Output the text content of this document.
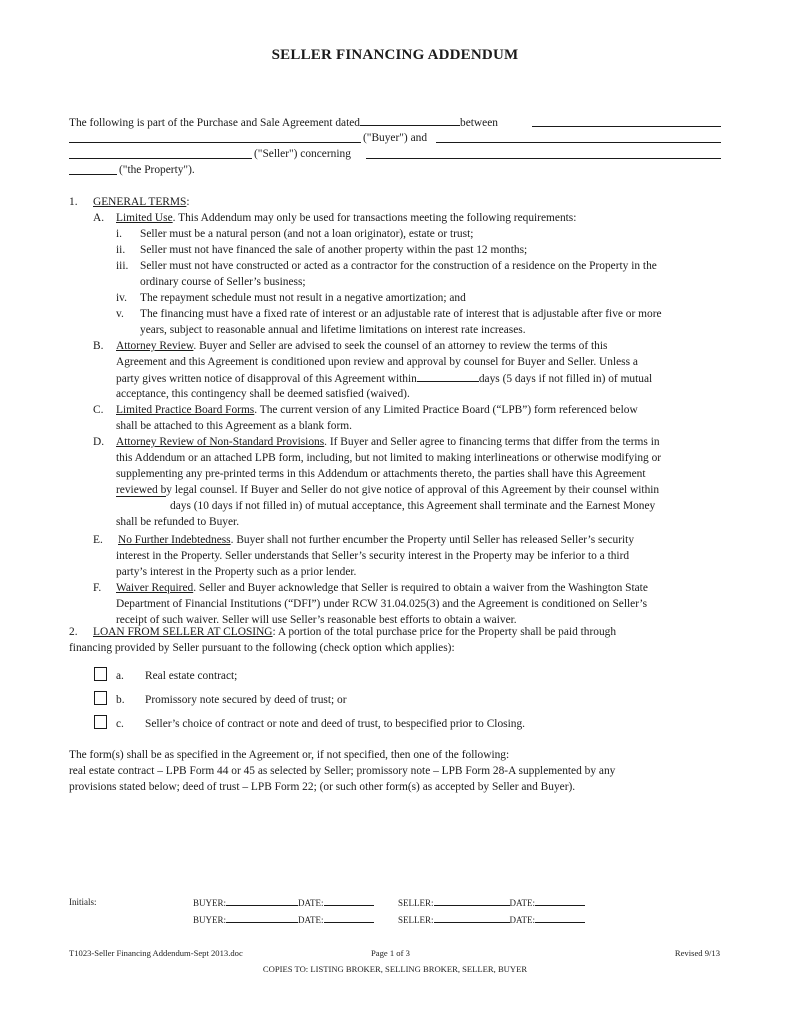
SELLER FINANCING ADDENDUM
The following is part of the Purchase and Sale Agreement dated	between
("Buyer") and
("Seller") concerning
("the Property").
1. GENERAL TERMS:
A. Limited Use. This Addendum may only be used for transactions meeting the following requirements:
i. Seller must be a natural person (and not a loan originator), estate or trust;
ii. Seller must not have financed the sale of another property within the past 12 months;
iii. Seller must not have constructed or acted as a contractor for the construction of a residence on the Property in the
ordinary course of Seller’s business;
iv. The repayment schedule must not result in a negative amortization; and
v. The financing must have a fixed rate of interest or an adjustable rate of interest that is adjustable after five or more
years, subject to reasonable annual and lifetime limitations on interest rate increases.
B. Attorney Review. Buyer and Seller are advised to seek the counsel of an attorney to review the terms of this
Agreement and this Agreement is conditioned upon review and approval by counsel for Buyer and Seller. Unless a
party gives written notice of disapproval of this Agreement within	days (5 days if not filled in) of mutual
acceptance, this contingency shall be deemed satisfied (waived).
C. Limited Practice Board Forms. The current version of any Limited Practice Board (“LPB”) form referenced below
shall be attached to this Agreement as a blank form.
D. Attorney Review of Non-Standard Provisions. If Buyer and Seller agree to financing terms that differ from the terms in
this Addendum or an attached LPB form, including, but not limited to making interlineations or otherwise modifying or
supplementing any pre-printed terms in this Addendum or attachments thereto, the parties shall have this Agreement
reviewed by legal counsel. If Buyer and Seller do not give notice of approval of this Agreement by their counsel within
days (10 days if not filled in) of mutual acceptance, this Agreement shall terminate and the Earnest Money
shall be refunded to Buyer.
E. No Further Indebtedness. Buyer shall not further encumber the Property until Seller has released Seller’s security
interest in the Property. Seller understands that Seller’s security interest in the Property may be inferior to a third
party’s interest in the Property such as a prior lender.
F. Waiver Required. Seller and Buyer acknowledge that Seller is required to obtain a waiver from the Washington State
Department of Financial Institutions (“DFI”) under RCW 31.04.025(3) and the Agreement is conditioned on Seller’s
receipt of such waiver. Seller will use Seller’s reasonable best efforts to obtain a waiver.
2. LOAN FROM SELLER AT CLOSING: A portion of the total purchase price for the Property shall be paid through
financing provided by Seller pursuant to the following (check option which applies):
a. Real estate contract;
b. Promissory note secured by deed of trust; or
c. Seller’s choice of contract or note and deed of trust, to bespecified prior to Closing.
The form(s) shall be as specified in the Agreement or, if not specified, then one of the following:
real estate contract – LPB Form 44 or 45 as selected by Seller; promissory note – LPB Form 28-A supplemented by any
provisions stated below; deed of trust – LPB Form 22; (or such other form(s) as accepted by Seller and Buyer).
Initials:	BUYER:	DATE:	SELLER:	DATE:
BUYER:	DATE:	SELLER:	DATE:
T1023-Seller Financing Addendum-Sept 2013.doc	Page 1 of 3	Revised 9/13
COPIES TO: LISTING BROKER, SELLING BROKER, SELLER, BUYER
